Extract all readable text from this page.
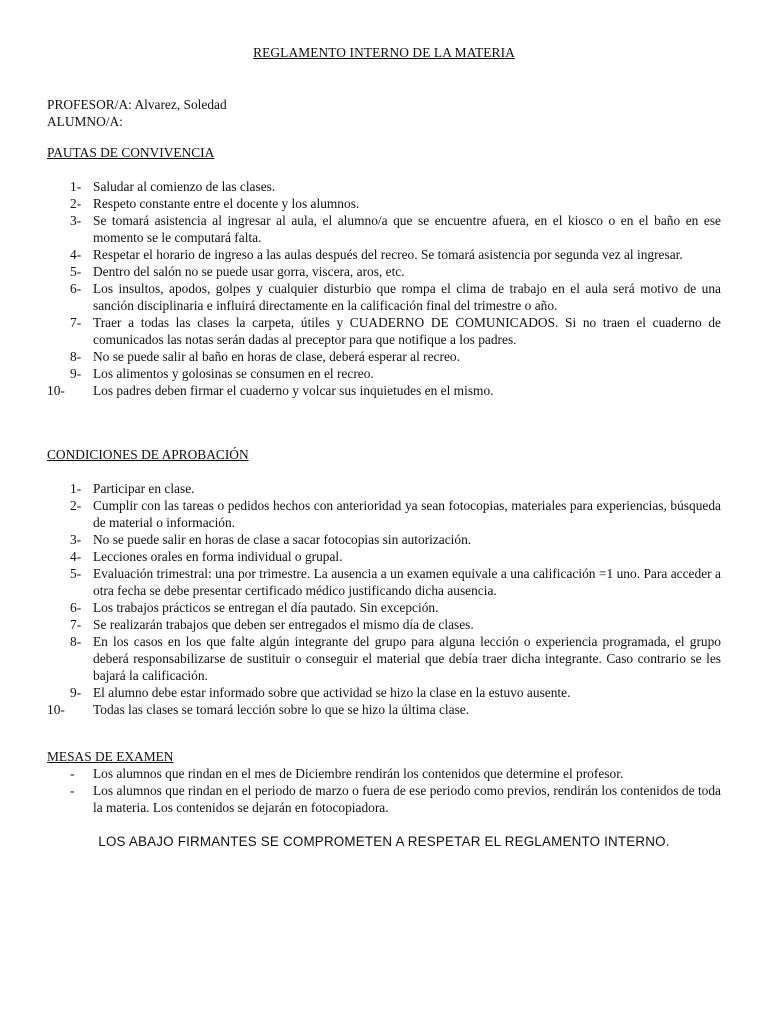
REGLAMENTO INTERNO DE LA MATERIA
PROFESOR/A: Alvarez, Soledad
ALUMNO/A:
PAUTAS DE CONVIVENCIA
1- Saludar al comienzo de las clases.
2- Respeto constante entre el docente y los alumnos.
3- Se tomará asistencia al ingresar al aula, el alumno/a que se encuentre afuera, en el kiosco o en el baño en ese momento se le computará falta.
4- Respetar el horario de ingreso a las aulas después del recreo. Se tomará asistencia por segunda vez al ingresar.
5- Dentro del salón no se puede usar gorra, viscera, aros, etc.
6- Los insultos, apodos, golpes y cualquier disturbio que rompa el clima de trabajo en el aula será motivo de una sanción disciplinaria e influirá directamente en la calificación final del trimestre o año.
7- Traer a todas las clases la carpeta, útiles y CUADERNO DE COMUNICADOS. Si no traen el cuaderno de comunicados las notas serán dadas al preceptor para que notifique a los padres.
8- No se puede salir al baño en horas de clase, deberá esperar al recreo.
9- Los alimentos y golosinas se consumen en el recreo.
10- Los padres deben firmar el cuaderno y volcar sus inquietudes en el mismo.
CONDICIONES DE APROBACIÓN
1- Participar en clase.
2- Cumplir con las tareas o pedidos hechos con anterioridad ya sean fotocopias, materiales para experiencias, búsqueda de material o información.
3- No se puede salir en horas de clase a sacar fotocopias sin autorización.
4- Lecciones orales en forma individual o grupal.
5- Evaluación trimestral: una por trimestre. La ausencia a un examen equivale a una calificación =1 uno. Para acceder a otra fecha se debe presentar certificado médico justificando dicha ausencia.
6- Los trabajos prácticos se entregan el día pautado. Sin excepción.
7- Se realizarán trabajos que deben ser entregados el mismo día de clases.
8- En los casos en los que falte algún integrante del grupo para alguna lección o experiencia programada, el grupo deberá responsabilizarse de sustituir o conseguir el material que debía traer dicha integrante. Caso contrario se les bajará la calificación.
9- El alumno debe estar informado sobre que actividad se hizo la clase en la estuvo ausente.
10- Todas las clases se tomará lección sobre lo que se hizo la última clase.
MESAS DE EXAMEN
- Los alumnos que rindan en el mes de Diciembre rendirán los contenidos que determine el profesor.
- Los alumnos que rindan en el periodo de marzo o fuera de ese periodo como previos, rendirán los contenidos de toda la materia. Los contenidos se dejarán en fotocopiadora.
LOS ABAJO FIRMANTES SE COMPROMETEN A RESPETAR EL REGLAMENTO INTERNO.
